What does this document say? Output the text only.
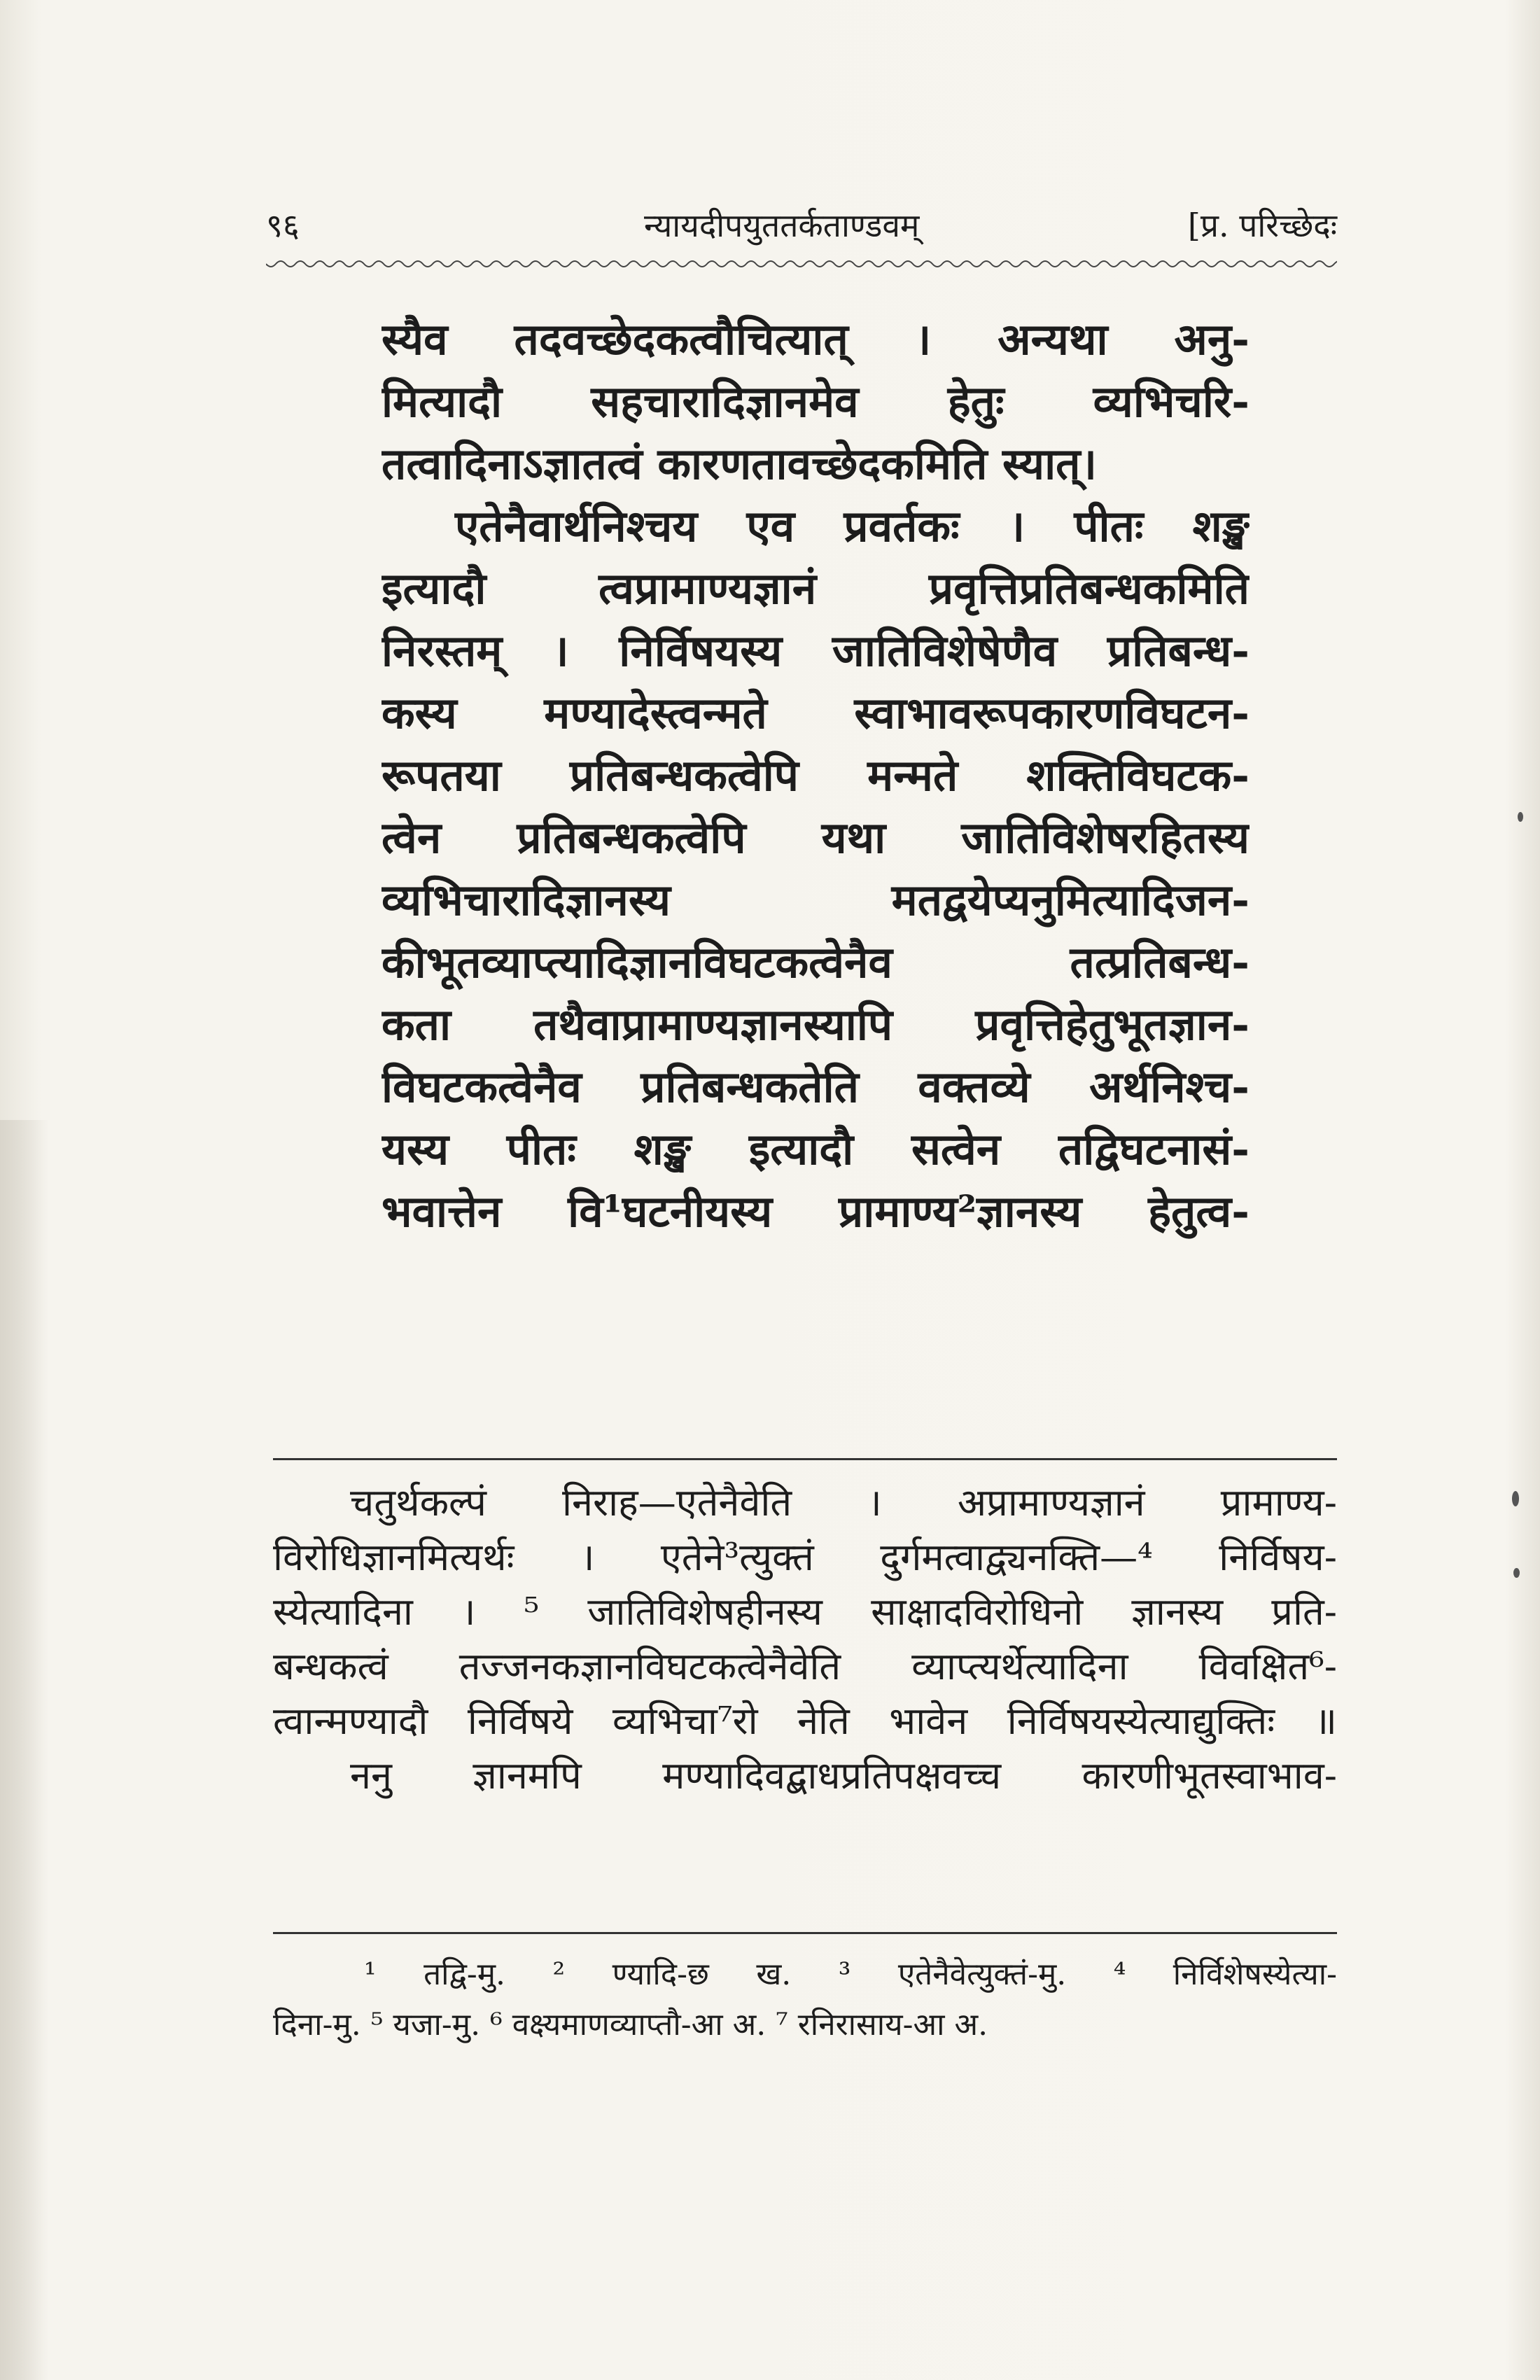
९६	न्यायदीपयुततर्कताण्डवम्	[प्र. परिच्छेदः
स्यैव तदवच्छेदकत्वौचित्यात् । अन्यथा अनु-
मित्यादौ सहचारादिज्ञानमेव हेतुः व्यभिचरि-
तत्वादिनाऽज्ञातत्वं कारणतावच्छेदकमिति स्यात्।
एतेनैवार्थनिश्चय एव प्रवर्तकः । पीतः शङ्ख
इत्यादौ त्वप्रामाण्यज्ञानं प्रवृत्तिप्रतिबन्धकमिति
निरस्तम् । निर्विषयस्य जातिविशेषेणैव प्रतिबन्ध-
कस्य मण्यादेस्त्वन्मते स्वाभावरूपकारणविघटन-
रूपतया प्रतिबन्धकत्वेपि मन्मते शक्तिविघटक-
त्वेन प्रतिबन्धकत्वेपि यथा जातिविशेषरहितस्य
व्यभिचारादिज्ञानस्य मतद्वयेप्यनुमित्यादिजन-
कीभूतव्याप्त्यादिज्ञानविघटकत्वेनैव तत्प्रतिबन्ध-
कता तथैवाप्रामाण्यज्ञानस्यापि प्रवृत्तिहेतुभूतज्ञान-
विघटकत्वेनैव प्रतिबन्धकतेति वक्तव्ये अर्थनिश्च-
यस्य पीतः शङ्ख इत्यादौ सत्वेन तद्विघटनासं-
भवात्तेन वि¹घटनीयस्य प्रामाण्य²ज्ञानस्य हेतुत्व-
चतुर्थकल्पं निराह—एतेनैवेति । अप्रामाण्यज्ञानं प्रामाण्य-
विरोधिज्ञानमित्यर्थः । एतेने³त्युक्तं दुर्गमत्वाद्व्यनक्ति—⁴ निर्विषय-
स्येत्यादिना । ⁵ जातिविशेषहीनस्य साक्षादविरोधिनो ज्ञानस्य प्रति-
बन्धकत्वं तज्जनकज्ञानविघटकत्वेनैवेति व्याप्त्यर्थेत्यादिना विवक्षित⁶-
त्वान्मण्यादौ निर्विषये व्यभिचा⁷रो नेति भावेन निर्विषयस्येत्याद्युक्तिः ॥
ननु ज्ञानमपि मण्यादिवद्बाधप्रतिपक्षवच्च कारणीभूतस्वाभाव-
¹ तद्वि-मु. ² ण्यादि-छ ख. ³ एतेनैवेत्युक्तं-मु. ⁴ निर्विशेषस्येत्या-
दिना-मु. ⁵ यजा-मु. ⁶ वक्ष्यमाणव्याप्तौ-आ अ. ⁷ रनिरासाय-आ अ.
